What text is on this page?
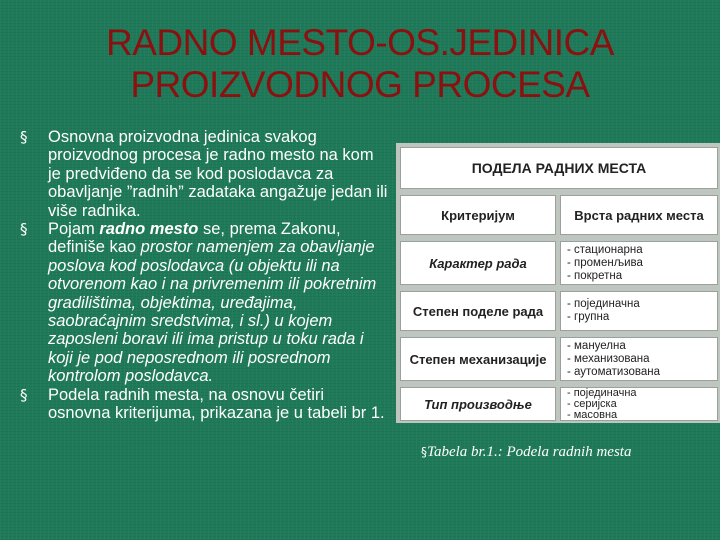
RADNO MESTO-OS.JEDINICA
PROIZVODNOG PROCESA
§ Osnovna proizvodna jedinica svakog proizvodnog procesa je radno mesto na kom je predviđeno da se kod poslodavca za obavljanje ”radnih” zadataka angažuje jedan ili više radnika.
§ Pojam radno mesto se, prema Zakonu, definiše kao prostor namenjem za obavljanje poslova kod poslodavca (u objektu ili na otvorenom kao i na privremenim ili pokretnim gradilištima, objektima, uređajima, saobraćajnim sredstvima, i sl.) u kojem zaposleni boravi ili ima pristup u toku rada i koji je pod neposrednom ili posrednom kontrolom poslodavca.
§ Podela radnih mesta, na osnovu četiri osnovna kriterijuma, prikazana je u tabeli br 1.
ПОДЕЛА РАДНИХ МЕСТА
Критеријум	Врста радних места
Карактер рада
- стационарна
- променљива
- покретна
Степен поделе рада	- појединачна
- групна
Степен механизације
- мануелна
- механизована
- аутоматизована
Тип производње
- појединачна
- серијска
- масовна
§Tabela br.1.: Podela radnih mesta
